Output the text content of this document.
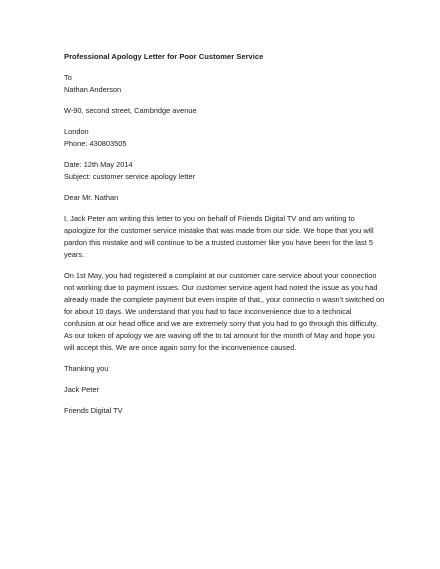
Professional Apology Letter for Poor Customer Service
To
Nathan Anderson
W-90, second street, Cambridge avenue
London
Phone: 430803505
Date: 12th May 2014
Subject: customer service apology letter
Dear Mr. Nathan
I, Jack Peter am writing this letter to you on behalf of Friends Digital TV and am writing to
apologize for the customer service mistake that was made from our side. We hope that you will
pardon this mistake and will continue to be a trusted customer like you have been for the last 5
years.
On 1st May, you had registered a complaint at our customer care service about your connection
not working due to payment issues. Our customer service agent had noted the issue as you had
already made the complete payment but even inspite of that,, your connectio n wasn't switched on
for about 10 days. We understand that you had to face inconvenience due to a technical
confusion at our head office and we are extremely sorry that you had to go through this difficulty.
As our token of apology we are waving off the to tal amount for the month of May and hope you
will accept this. We are once again sorry for the inconvenience caused.
Thanking you
Jack Peter
Friends Digital TV
